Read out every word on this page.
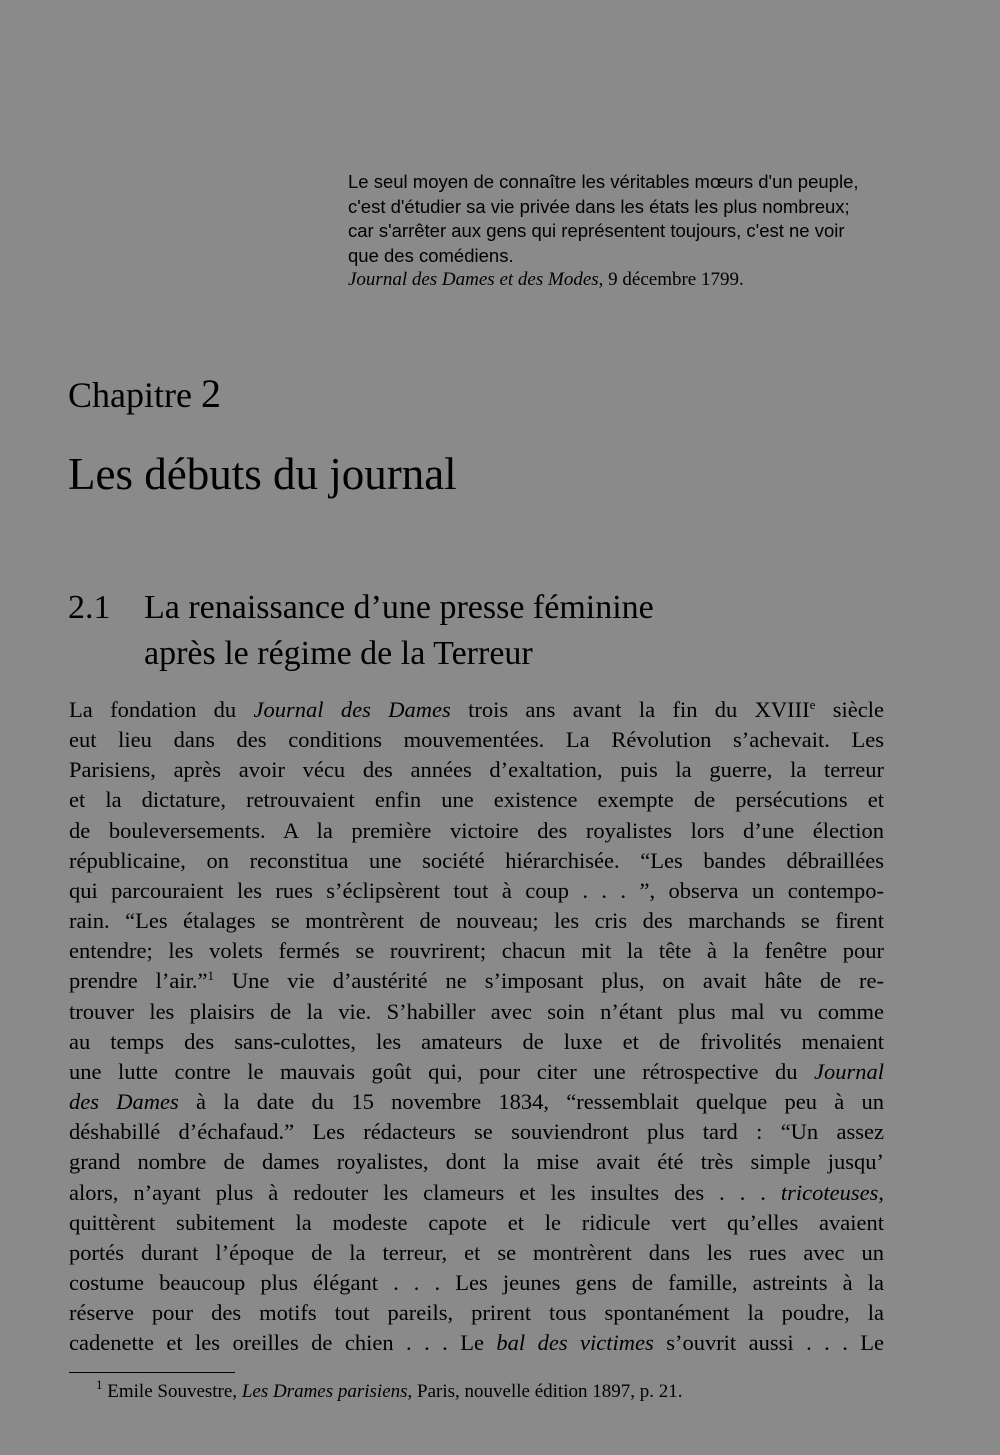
Le seul moyen de connaître les véritables mœurs d'un peuple,
c'est d'étudier sa vie privée dans les états les plus nombreux;
car s'arrêter aux gens qui représentent toujours, c'est ne voir
que des comédiens.
Journal des Dames et des Modes, 9 décembre 1799.
Chapitre 2
Les débuts du journal
2.1 La renaissance d’une presse féminine
après le régime de la Terreur
La fondation du Journal des Dames trois ans avant la fin du XVIIIe siècle
eut lieu dans des conditions mouvementées. La Révolution s’achevait. Les
Parisiens, après avoir vécu des années d’exaltation, puis la guerre, la terreur
et la dictature, retrouvaient enfin une existence exempte de persécutions et
de bouleversements. A la première victoire des royalistes lors d’une élection
républicaine, on reconstitua une société hiérarchisée. “Les bandes débraillées
qui parcouraient les rues s’éclipsèrent tout à coup . . . ”, observa un contempo-
rain. “Les étalages se montrèrent de nouveau; les cris des marchands se firent
entendre; les volets fermés se rouvrirent; chacun mit la tête à la fenêtre pour
prendre l’air.”$^1$ Une vie d’austérité ne s’imposant plus, on avait hâte de re-
trouver les plaisirs de la vie. S’habiller avec soin n’étant plus mal vu comme
au temps des sans-culottes, les amateurs de luxe et de frivolités menaient
une lutte contre le mauvais goût qui, pour citer une rétrospective du Journal
des Dames à la date du 15 novembre 1834, “ressemblait quelque peu à un
déshabillé d’échafaud.” Les rédacteurs se souviendront plus tard : “Un assez
grand nombre de dames royalistes, dont la mise avait été très simple jusqu’
alors, n’ayant plus à redouter les clameurs et les insultes des . . . tricoteuses,
quittèrent subitement la modeste capote et le ridicule vert qu’elles avaient
portés durant l’époque de la terreur, et se montrèrent dans les rues avec un
costume beaucoup plus élégant . . . Les jeunes gens de famille, astreints à la
réserve pour des motifs tout pareils, prirent tous spontanément la poudre, la
cadenette et les oreilles de chien . . . Le bal des victimes s’ouvrit aussi . . . Le
$^1$ Emile Souvestre, Les Drames parisiens, Paris, nouvelle édition 1897, p. 21.
